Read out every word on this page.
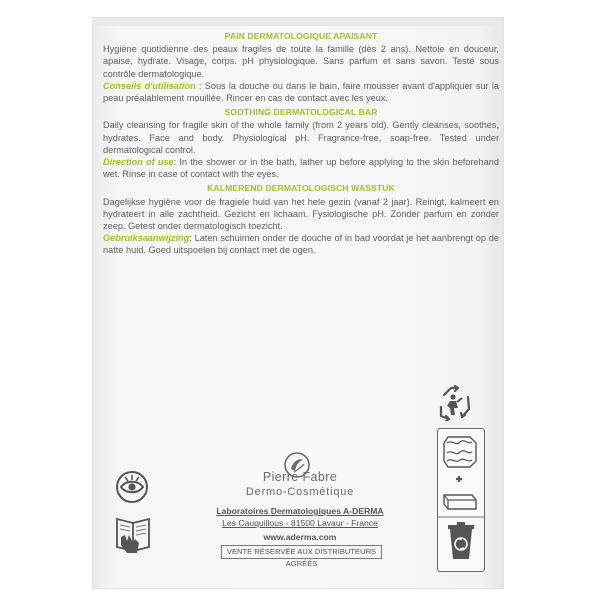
PAIN DERMATOLOGIQUE APAISANT

Hygiène quotidienne des peaux fragiles de toute la famille (dès 2 ans). Nettoie en douceur, apaise, hydrate. Visage, corps. pH physiologique. Sans parfum et sans savon. Testé sous contrôle dermatologique.

Conseils d'utilisation : Sous la douche ou dans le bain, faire mousser avant d'appliquer sur la peau préalablement mouillée. Rincer en cas de contact avec les yeux.

SOOTHING DERMATOLOGICAL BAR

Daily cleansing for fragile skin of the whole family (from 2 years old). Gently cleanses, soothes, hydrates. Face and body. Physiological pH. Fragrance-free, soap-free. Tested under dermatological control.

Direction of use: In the shower or in the bath, lather up before applying to the skin beforehand wet. Rinse in case of contact with the eyes.

KALMEREND DERMATOLOGISCH WASSTUK

Dagelijkse hygiëne voor de fragiele huid van het hele gezin (vanaf 2 jaar). Reinigt, kalmeert en hydrateert in alle zachtheid. Gezicht en lichaam. Fysiologische pH. Zonder parfum en zonder zeep. Getest onder dermatologisch toezicht.

Gebruiksaanwijzing: Laten schuimen onder de douche of in bad voordat je het aanbrengt op de natte huid. Goed uitspoelen bij contact met de ogen.

Pierre Fabre
Dermo-Cosmétique
Laboratoires Dermatologiques A-DERMA
Les Cauquillous - 81500 Lavaur - France
www.aderma.com
VENTE RÉSERVÉE AUX DISTRIBUTEURS AGRÉÉS
